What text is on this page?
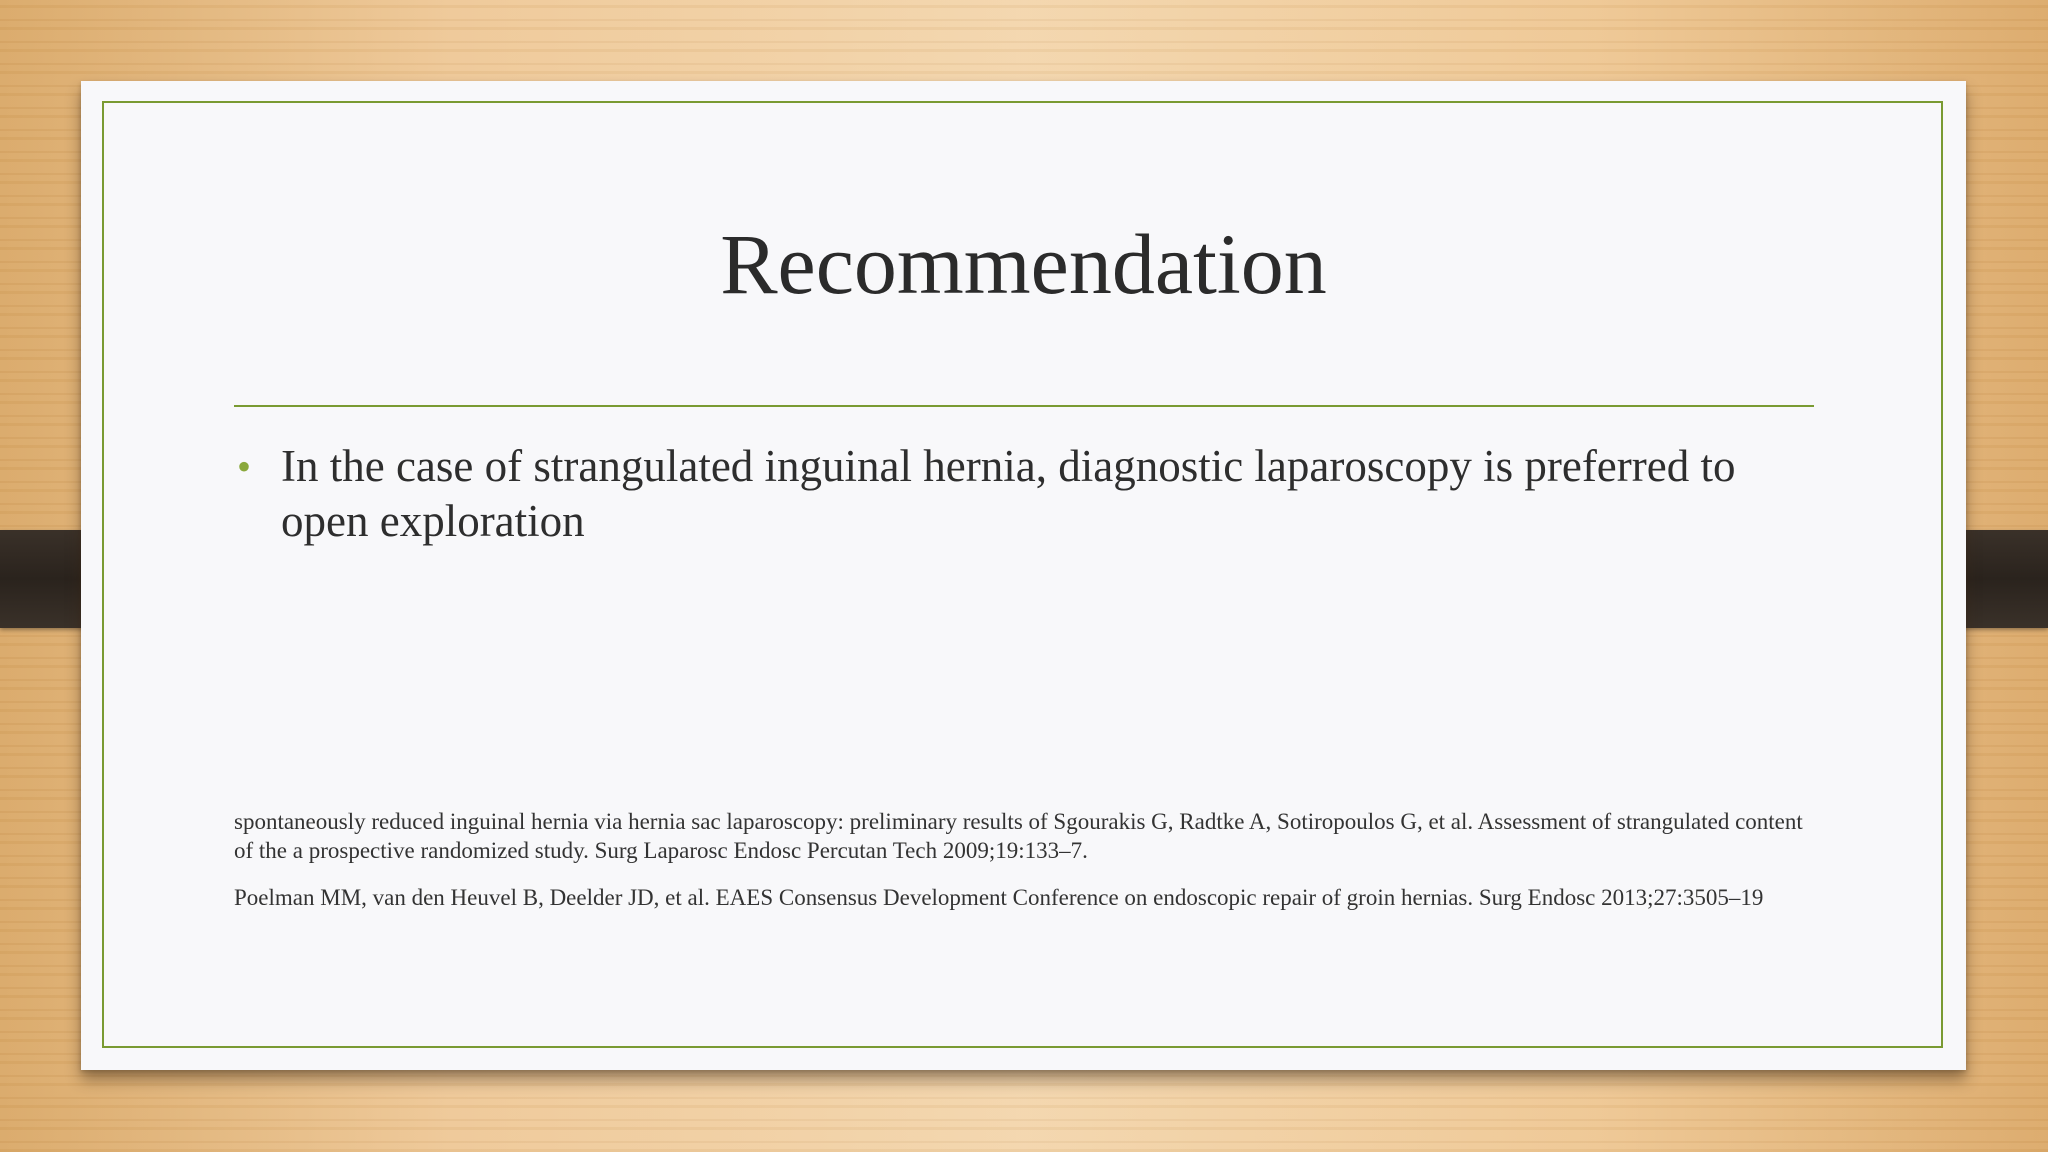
Recommendation
• In the case of strangulated inguinal hernia, diagnostic laparoscopy is preferred to open exploration

spontaneously reduced inguinal hernia via hernia sac laparoscopy: preliminary results of Sgourakis G, Radtke A, Sotiropoulos G, et al. Assessment of strangulated content of the a prospective randomized study. Surg Laparosc Endosc Percutan Tech 2009;19:133–7.

Poelman MM, van den Heuvel B, Deelder JD, et al. EAES Consensus Development Conference on endoscopic repair of groin hernias. Surg Endosc 2013;27:3505–19
